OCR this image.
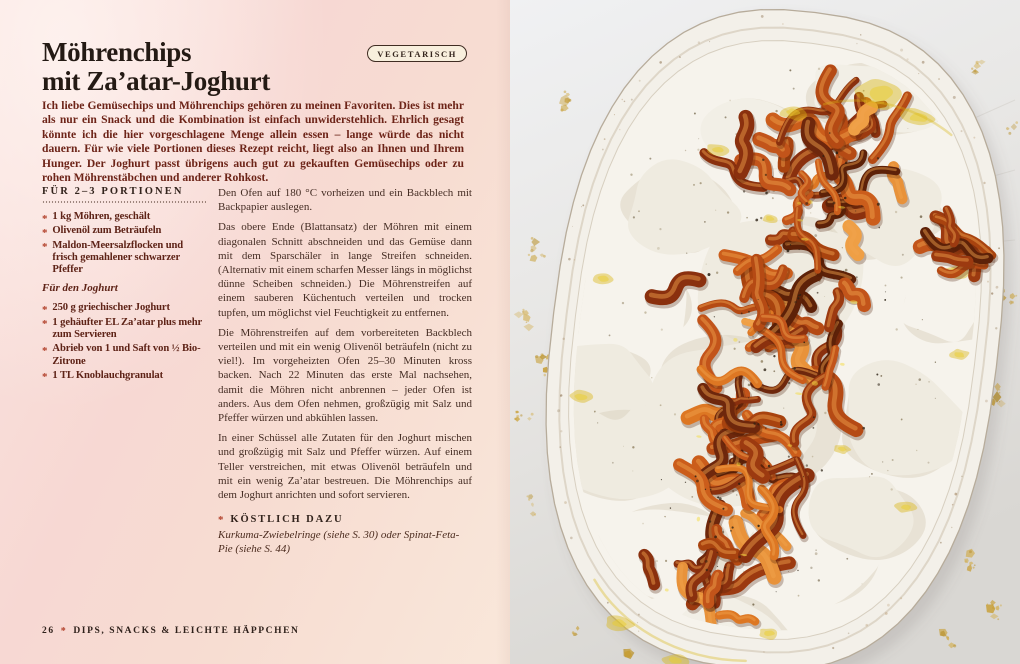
Möhrenchips
mit Za’atar-Joghurt
VEGETARISCH

Ich liebe Gemüsechips und Möhrenchips gehören zu meinen Favoriten. Dies ist mehr als nur ein Snack und die Kombination ist einfach unwiderstehlich. Ehrlich gesagt könnte ich die hier vorgeschlagene Menge allein essen – lange würde das nicht dauern. Für wie viele Portionen dieses Rezept reicht, liegt also an Ihnen und Ihrem Hunger. Der Joghurt passt übrigens auch gut zu gekauften Gemüsechips oder zu rohen Möhrenstäbchen und anderer Rohkost.

FÜR 2–3 PORTIONEN
* 1 kg Möhren, geschält
* Olivenöl zum Beträufeln
* Maldon-Meersalzflocken und frisch gemahlener schwarzer Pfeffer
Für den Joghurt
* 250 g griechischer Joghurt
* 1 gehäufter EL Za’atar plus mehr zum Servieren
* Abrieb von 1 und Saft von ½ Bio-Zitrone
* 1 TL Knoblauchgranulat

Den Ofen auf 180 °C vorheizen und ein Backblech mit Backpapier auslegen.

Das obere Ende (Blattansatz) der Möhren mit einem diagonalen Schnitt abschneiden und das Gemüse dann mit dem Sparschäler in lange Streifen schneiden. (Alternativ mit einem scharfen Messer längs in möglichst dünne Scheiben schneiden.) Die Möhrenstreifen auf einem sauberen Küchentuch verteilen und trocken tupfen, um möglichst viel Feuchtigkeit zu entfernen.

Die Möhrenstreifen auf dem vorbereiteten Backblech verteilen und mit ein wenig Olivenöl beträufeln (nicht zu viel!). Im vorgeheizten Ofen 25–30 Minuten kross backen. Nach 22 Minuten das erste Mal nachsehen, damit die Möhren nicht anbrennen – jeder Ofen ist anders. Aus dem Ofen nehmen, großzügig mit Salz und Pfeffer würzen und abkühlen lassen.

In einer Schüssel alle Zutaten für den Joghurt mischen und großzügig mit Salz und Pfeffer würzen. Auf einem Teller verstreichen, mit etwas Olivenöl beträufeln und mit ein wenig Za’atar bestreuen. Die Möhrenchips auf dem Joghurt anrichten und sofort servieren.

* KÖSTLICH DAZU

Kurkuma-Zwiebelringe (siehe S. 30) oder Spinat-Feta-Pie (siehe S. 44)

26 * DIPS, SNACKS & LEICHTE HÄPPCHEN
